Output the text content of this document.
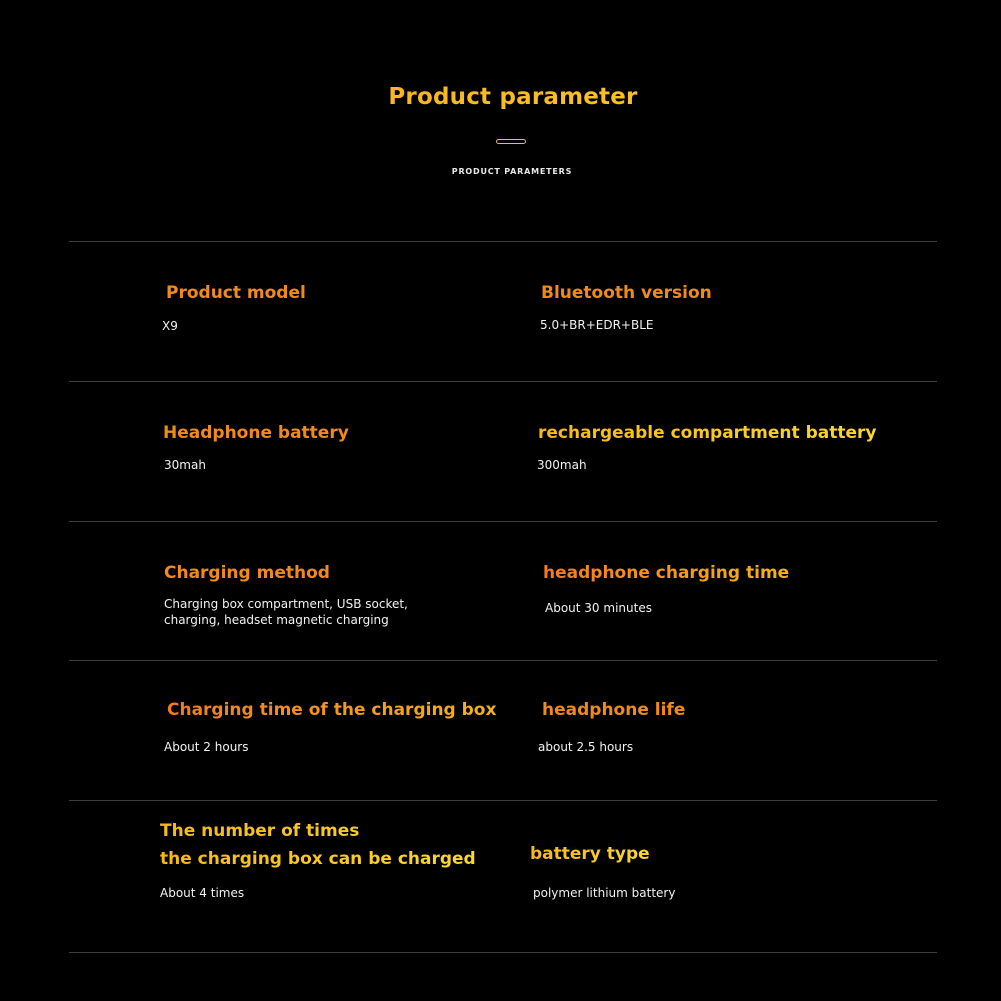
Product parameter
PRODUCT PARAMETERS
Product model
X9
Bluetooth version
5.0+BR+EDR+BLE
Headphone battery
30mah
rechargeable compartment battery
300mah
Charging method
Charging box compartment, USB socket,
charging, headset magnetic charging
headphone charging time
About 30 minutes
Charging time of the charging box
About 2 hours
headphone life
about 2.5 hours
The number of times
the charging box can be charged
About 4 times
battery type
polymer lithium battery
